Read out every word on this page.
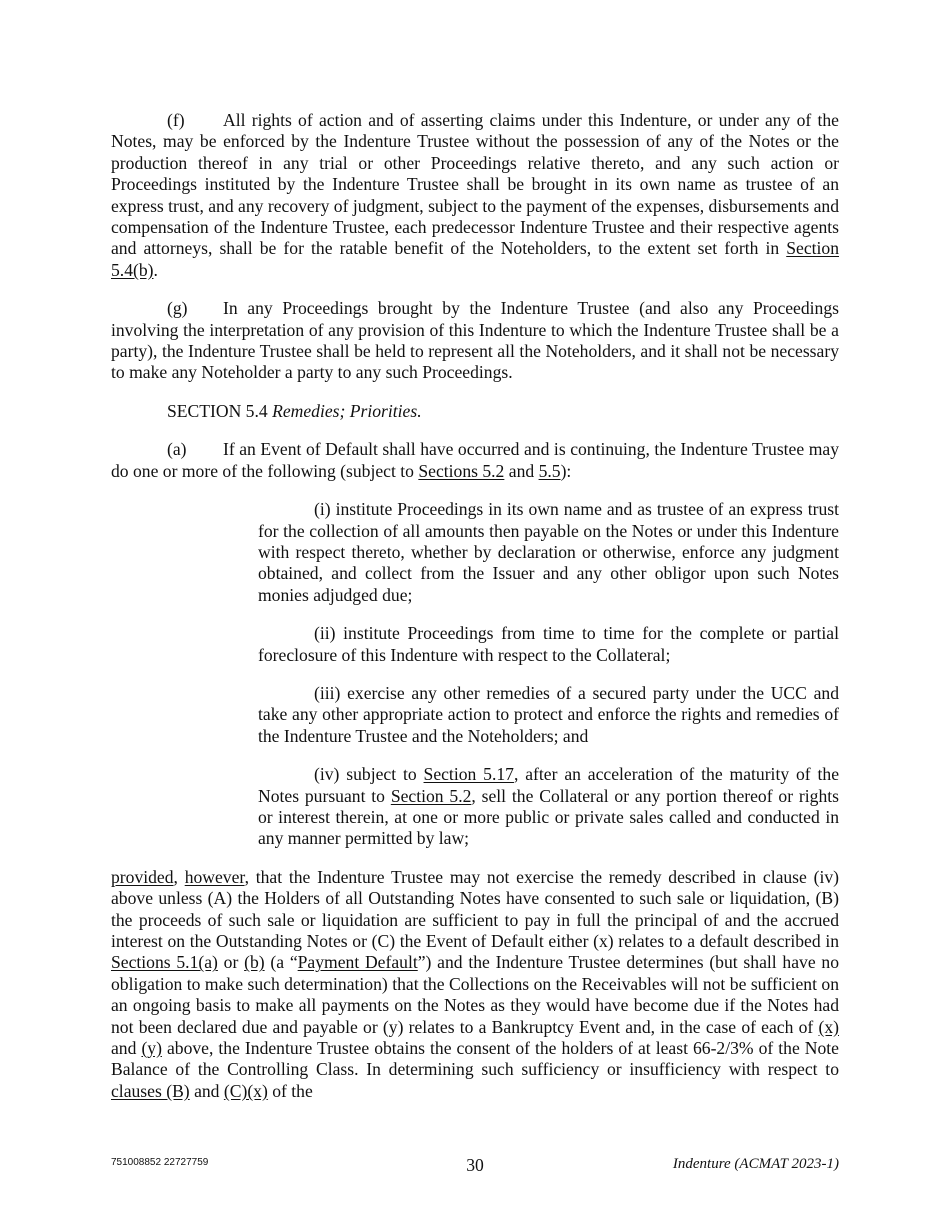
(f) All rights of action and of asserting claims under this Indenture, or under any of the Notes, may be enforced by the Indenture Trustee without the possession of any of the Notes or the production thereof in any trial or other Proceedings relative thereto, and any such action or Proceedings instituted by the Indenture Trustee shall be brought in its own name as trustee of an express trust, and any recovery of judgment, subject to the payment of the expenses, disbursements and compensation of the Indenture Trustee, each predecessor Indenture Trustee and their respective agents and attorneys, shall be for the ratable benefit of the Noteholders, to the extent set forth in Section 5.4(b).

(g) In any Proceedings brought by the Indenture Trustee (and also any Proceedings involving the interpretation of any provision of this Indenture to which the Indenture Trustee shall be a party), the Indenture Trustee shall be held to represent all the Noteholders, and it shall not be necessary to make any Noteholder a party to any such Proceedings.

SECTION 5.4 Remedies; Priorities.

(a) If an Event of Default shall have occurred and is continuing, the Indenture Trustee may do one or more of the following (subject to Sections 5.2 and 5.5):

(i) institute Proceedings in its own name and as trustee of an express trust for the collection of all amounts then payable on the Notes or under this Indenture with respect thereto, whether by declaration or otherwise, enforce any judgment obtained, and collect from the Issuer and any other obligor upon such Notes monies adjudged due;

(ii) institute Proceedings from time to time for the complete or partial foreclosure of this Indenture with respect to the Collateral;

(iii) exercise any other remedies of a secured party under the UCC and take any other appropriate action to protect and enforce the rights and remedies of the Indenture Trustee and the Noteholders; and

(iv) subject to Section 5.17, after an acceleration of the maturity of the Notes pursuant to Section 5.2, sell the Collateral or any portion thereof or rights or interest therein, at one or more public or private sales called and conducted in any manner permitted by law;

provided, however, that the Indenture Trustee may not exercise the remedy described in clause (iv) above unless (A) the Holders of all Outstanding Notes have consented to such sale or liquidation, (B) the proceeds of such sale or liquidation are sufficient to pay in full the principal of and the accrued interest on the Outstanding Notes or (C) the Event of Default either (x) relates to a default described in Sections 5.1(a) or (b) (a “Payment Default”) and the Indenture Trustee determines (but shall have no obligation to make such determination) that the Collections on the Receivables will not be sufficient on an ongoing basis to make all payments on the Notes as they would have become due if the Notes had not been declared due and payable or (y) relates to a Bankruptcy Event and, in the case of each of (x) and (y) above, the Indenture Trustee obtains the consent of the holders of at least 66-2/3% of the Note Balance of the Controlling Class. In determining such sufficiency or insufficiency with respect to clauses (B) and (C)(x) of the

751008852 22727759	30	Indenture (ACMAT 2023-1)
